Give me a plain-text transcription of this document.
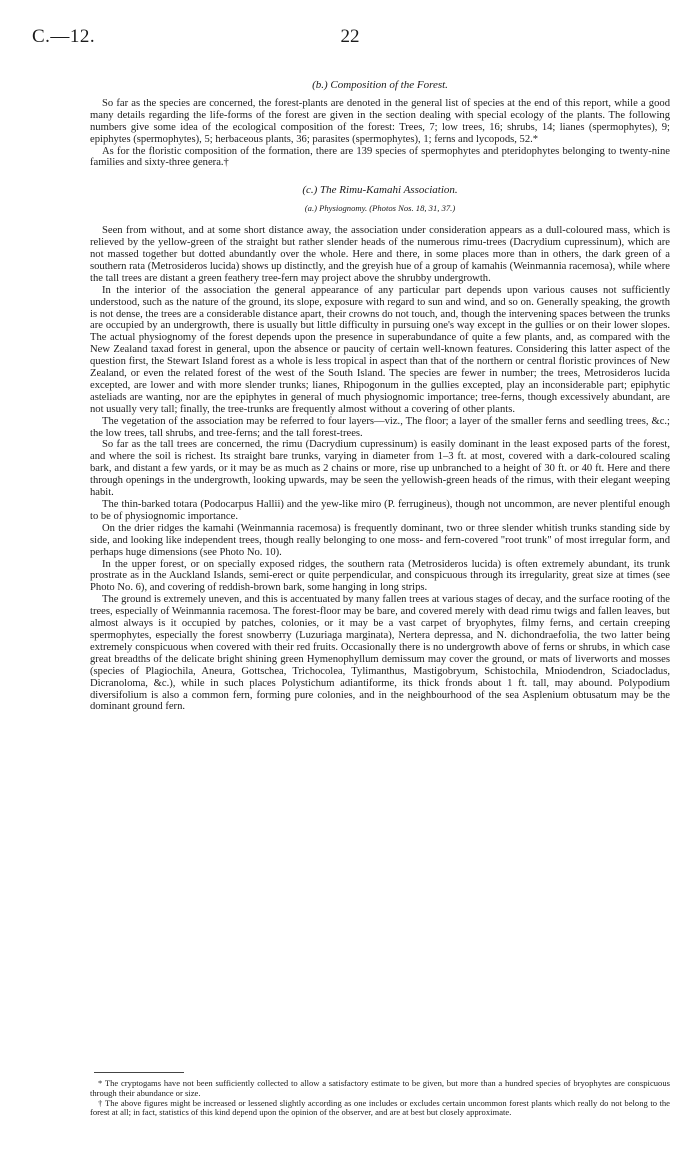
C.—12.	22
(b.) Composition of the Forest.

So far as the species are concerned, the forest-plants are denoted in the general list of species at the end of this report, while a good many details regarding the life-forms of the forest are given in the section dealing with special ecology of the plants. The following numbers give some idea of the ecological composition of the forest: Trees, 7; low trees, 16; shrubs, 14; lianes (spermophytes), 9; epiphytes (spermophytes), 5; herbaceous plants, 36; parasites (spermophytes), 1; ferns and lycopods, 52.*

As for the floristic composition of the formation, there are 139 species of spermophytes and pteridophytes belonging to twenty-nine families and sixty-three genera.†

(c.) The Rimu-Kamahi Association.
(a.) Physiognomy. (Photos Nos. 18, 31, 37.)

Seen from without, and at some short distance away, the association under consideration appears as a dull-coloured mass, which is relieved by the yellow-green of the straight but rather slender heads of the numerous rimu-trees (Dacrydium cupressinum), which are not massed together but dotted abundantly over the whole. Here and there, in some places more than in others, the dark green of a southern rata (Metrosideros lucida) shows up distinctly, and the greyish hue of a group of kamahis (Weinmannia racemosa), while where the tall trees are distant a green feathery tree-fern may project above the shrubby undergrowth.

In the interior of the association the general appearance of any particular part depends upon various causes not sufficiently understood, such as the nature of the ground, its slope, exposure with regard to sun and wind, and so on. Generally speaking, the growth is not dense, the trees are a considerable distance apart, their crowns do not touch, and, though the intervening spaces between the trunks are occupied by an undergrowth, there is usually but little difficulty in pursuing one's way except in the gullies or on their lower slopes. The actual physiognomy of the forest depends upon the presence in superabundance of quite a few plants, and, as compared with the New Zealand taxad forest in general, upon the absence or paucity of certain well-known features. Considering this latter aspect of the question first, the Stewart Island forest as a whole is less tropical in aspect than that of the northern or central floristic provinces of New Zealand, or even the related forest of the west of the South Island. The species are fewer in number; the trees, Metrosideros lucida excepted, are lower and with more slender trunks; lianes, Rhipogonum in the gullies excepted, play an inconsiderable part; epiphytic asteliads are wanting, nor are the epiphytes in general of much physiognomic importance; tree-ferns, though excessively abundant, are not usually very tall; finally, the tree-trunks are frequently almost without a covering of other plants.

The vegetation of the association may be referred to four layers—viz., The floor; a layer of the smaller ferns and seedling trees, &c.; the low trees, tall shrubs, and tree-ferns; and the tall forest-trees.

So far as the tall trees are concerned, the rimu (Dacrydium cupressinum) is easily dominant in the least exposed parts of the forest, and where the soil is richest. Its straight bare trunks, varying in diameter from 1–3 ft. at most, covered with a dark-coloured scaling bark, and distant a few yards, or it may be as much as 2 chains or more, rise up unbranched to a height of 30 ft. or 40 ft. Here and there through openings in the undergrowth, looking upwards, may be seen the yellowish-green heads of the rimus, with their elegant weeping habit.

The thin-barked totara (Podocarpus Hallii) and the yew-like miro (P. ferrugineus), though not uncommon, are never plentiful enough to be of physiognomic importance.

On the drier ridges the kamahi (Weinmannia racemosa) is frequently dominant, two or three slender whitish trunks standing side by side, and looking like independent trees, though really belonging to one moss- and fern-covered "root trunk" of most irregular form, and perhaps huge dimensions (see Photo No. 10).

In the upper forest, or on specially exposed ridges, the southern rata (Metrosideros lucida) is often extremely abundant, its trunk prostrate as in the Auckland Islands, semi-erect or quite perpendicular, and conspicuous through its irregularity, great size at times (see Photo No. 6), and covering of reddish-brown bark, some hanging in long strips.

The ground is extremely uneven, and this is accentuated by many fallen trees at various stages of decay, and the surface rooting of the trees, especially of Weinmannia racemosa. The forest-floor may be bare, and covered merely with dead rimu twigs and fallen leaves, but almost always is it occupied by patches, colonies, or it may be a vast carpet of bryophytes, filmy ferns, and certain creeping spermophytes, especially the forest snowberry (Luzuriaga marginata), Nertera depressa, and N. dichondraefolia, the two latter being extremely conspicuous when covered with their red fruits. Occasionally there is no undergrowth above of ferns or shrubs, in which case great breadths of the delicate bright shining green Hymenophyllum demissum may cover the ground, or mats of liverworts and mosses (species of Plagiochila, Aneura, Gottschea, Trichocolea, Tylimanthus, Mastigobryum, Schistochila, Mniodendron, Sciadocladus, Dicranoloma, &c.), while in such places Polystichum adiantiforme, its thick fronds about 1 ft. tall, may abound. Polypodium diversifolium is also a common fern, forming pure colonies, and in the neighbourhood of the sea Asplenium obtusatum may be the dominant ground fern.

* The cryptogams have not been sufficiently collected to allow a satisfactory estimate to be given, but more than a hundred species of bryophytes are conspicuous through their abundance or size.

† The above figures might be increased or lessened slightly according as one includes or excludes certain uncommon forest plants which really do not belong to the forest at all; in fact, statistics of this kind depend upon the opinion of the observer, and are at best but closely approximate.
